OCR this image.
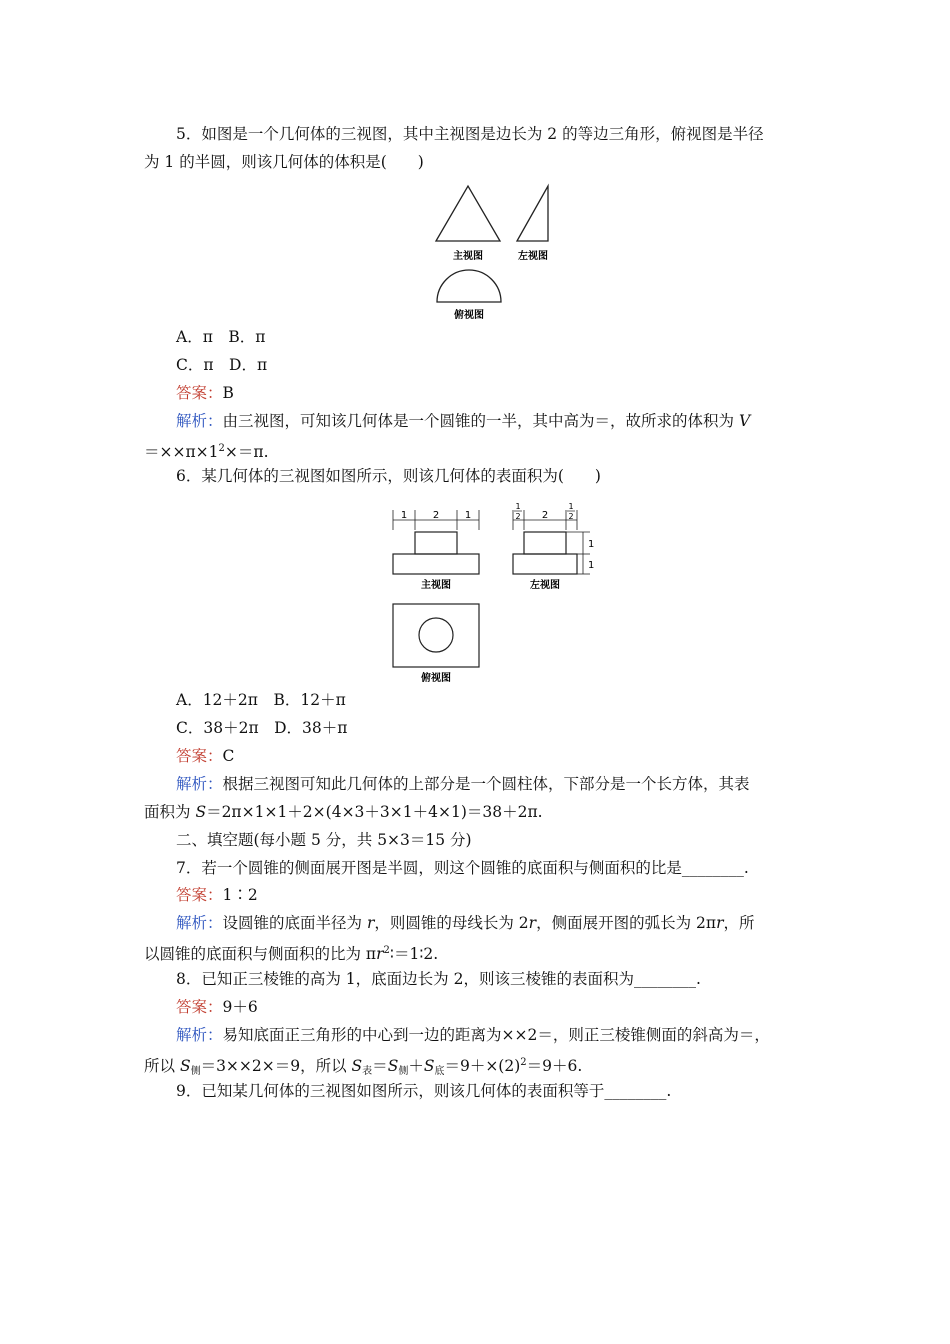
5．如图是一个几何体的三视图，其中主视图是边长为 2 的等边三角形，俯视图是半径
为 1 的半圆，则该几何体的体积是(　　)
主视图	左视图
俯视图
A．π　B．π
C．π　D．π
答案：B
解析：由三视图，可知该几何体是一个圆锥的一半，其中高为＝，故所求的体积为 V
$=\times\times\pi\times 1^2\times=\pi$.
6．某几何体的三视图如图所示，则该几何体的表面积为(　　)
1	2	1
主视图
1
2 2
1
2
1
1
左视图
俯视图
A．12＋2π　B．12＋π
C．38＋2π　D．38＋π
答案：C
解析：根据三视图可知此几何体的上部分是一个圆柱体，下部分是一个长方体，其表
面积为 S＝2π×1×1＋2×(4×3＋3×1＋4×1)＝38＋2π.
二、填空题(每小题 5 分，共 5×3＝15 分)
7．若一个圆锥的侧面展开图是半圆，则这个圆锥的底面积与侧面积的比是________.
答案：1∶2
解析：设圆锥的底面半径为 r，则圆锥的母线长为 2r，侧面展开图的弧长为 2πr，所
以圆锥的底面积与侧面积的比为 $\pi r^2∶=1∶2$.
8．已知正三棱锥的高为 1，底面边长为 2，则该三棱锥的表面积为________.
答案：9＋6
解析：易知底面正三角形的中心到一边的距离为××2＝，则正三棱锥侧面的斜高为＝，
所以 $S_侧=3\times\times 2\times=9$，所以 $S_表=S_侧+S_底=9+\times(2)^2=9+6$.
9．已知某几何体的三视图如图所示，则该几何体的表面积等于________.
